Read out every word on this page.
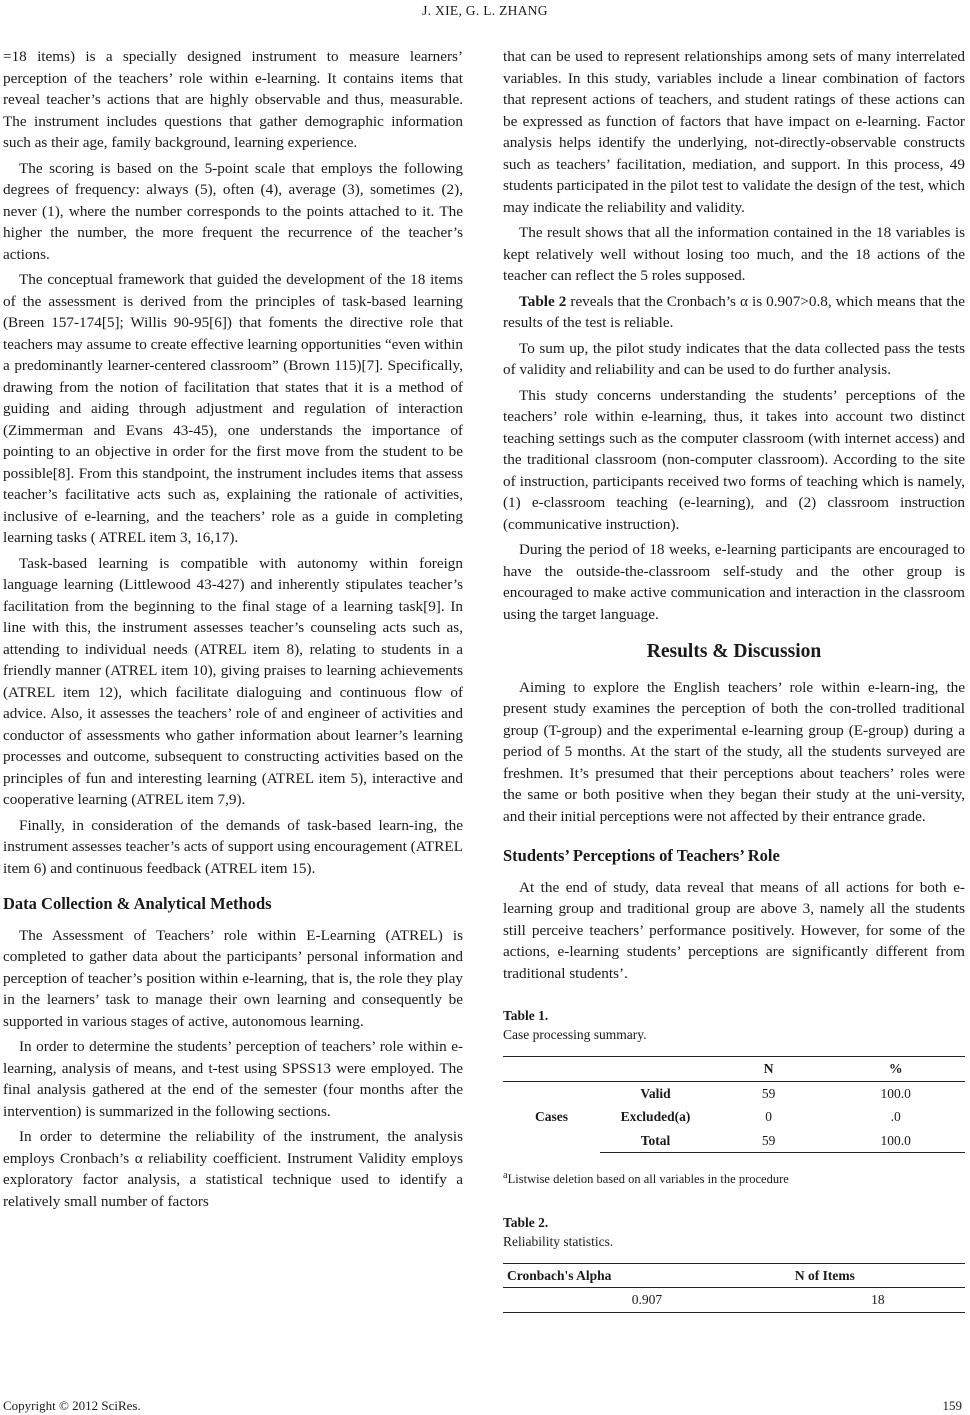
J. XIE, G. L. ZHANG

=18 items) is a specially designed instrument to measure learners’ perception of the teachers’ role within e-learning. It contains items that reveal teacher’s actions that are highly observable and thus, measurable. The instrument includes questions that gather demographic information such as their age, family background, learning experience.

The scoring is based on the 5-point scale that employs the following degrees of frequency: always (5), often (4), average (3), sometimes (2), never (1), where the number corresponds to the points attached to it. The higher the number, the more frequent the recurrence of the teacher’s actions.

The conceptual framework that guided the development of the 18 items of the assessment is derived from the principles of task-based learning (Breen 157-174[5]; Willis 90-95[6]) that foments the directive role that teachers may assume to create effective learning opportunities “even within a predominantly learner-centered classroom” (Brown 115)[7]. Specifically, drawing from the notion of facilitation that states that it is a method of guiding and aiding through adjustment and regulation of interaction (Zimmerman and Evans 43-45), one understands the importance of pointing to an objective in order for the first move from the student to be possible[8]. From this standpoint, the instrument includes items that assess teacher’s facilitative acts such as, explaining the rationale of activities, inclusive of e-learning, and the teachers’ role as a guide in completing learning tasks ( ATREL item 3, 16,17).

Task-based learning is compatible with autonomy within foreign language learning (Littlewood 43-427) and inherently stipulates teacher’s facilitation from the beginning to the final stage of a learning task[9]. In line with this, the instrument assesses teacher’s counseling acts such as, attending to individual needs (ATREL item 8), relating to students in a friendly manner (ATREL item 10), giving praises to learning achievements (ATREL item 12), which facilitate dialoguing and continuous flow of advice. Also, it assesses the teachers’ role of and engineer of activities and conductor of assessments who gather information about learner’s learning processes and outcome, subsequent to constructing activities based on the principles of fun and interesting learning (ATREL item 5), interactive and cooperative learning (ATREL item 7,9).

Finally, in consideration of the demands of task-based learn-ing, the instrument assesses teacher’s acts of support using encouragement (ATREL item 6) and continuous feedback (ATREL item 15).

Data Collection & Analytical Methods

The Assessment of Teachers’ role within E-Learning (ATREL) is completed to gather data about the participants’ personal information and perception of teacher’s position within e-learning, that is, the role they play in the learners’ task to manage their own learning and consequently be supported in various stages of active, autonomous learning.

In order to determine the students’ perception of teachers’ role within e-learning, analysis of means, and t-test using SPSS13 were employed. The final analysis gathered at the end of the semester (four months after the intervention) is summarized in the following sections.

In order to determine the reliability of the instrument, the analysis employs Cronbach’s α reliability coefficient. Instrument Validity employs exploratory factor analysis, a statistical technique used to identify a relatively small number of factors

that can be used to represent relationships among sets of many interrelated variables. In this study, variables include a linear combination of factors that represent actions of teachers, and student ratings of these actions can be expressed as function of factors that have impact on e-learning. Factor analysis helps identify the underlying, not-directly-observable constructs such as teachers’ facilitation, mediation, and support. In this process, 49 students participated in the pilot test to validate the design of the test, which may indicate the reliability and validity.

The result shows that all the information contained in the 18 variables is kept relatively well without losing too much, and the 18 actions of the teacher can reflect the 5 roles supposed.

Table 2 reveals that the Cronbach’s α is 0.907>0.8, which means that the results of the test is reliable.

To sum up, the pilot study indicates that the data collected pass the tests of validity and reliability and can be used to do further analysis.

This study concerns understanding the students’ perceptions of the teachers’ role within e-learning, thus, it takes into account two distinct teaching settings such as the computer classroom (with internet access) and the traditional classroom (non-computer classroom). According to the site of instruction, participants received two forms of teaching which is namely, (1) e-classroom teaching (e-learning), and (2) classroom instruction (communicative instruction).

During the period of 18 weeks, e-learning participants are encouraged to have the outside-the-classroom self-study and the other group is encouraged to make active communication and interaction in the classroom using the target language.

Results & Discussion

Aiming to explore the English teachers’ role within e-learn-ing, the present study examines the perception of both the con-trolled traditional group (T-group) and the experimental e-learning group (E-group) during a period of 5 months. At the start of the study, all the students surveyed are freshmen. It’s presumed that their perceptions about teachers’ roles were the same or both positive when they began their study at the uni-versity, and their initial perceptions were not affected by their entrance grade.

Students’ Perceptions of Teachers’ Role

At the end of study, data reveal that means of all actions for both e-learning group and traditional group are above 3, namely all the students still perceive teachers’ performance positively. However, for some of the actions, e-learning students’ perceptions are significantly different from traditional students’.

Table 1.
Case processing summary.
		N	%
Cases	Valid	59	100.0
	Excluded(a)	0	.0
	Total	59	100.0
$^a$Listwise deletion based on all variables in the procedure
Table 2.
Reliability statistics.
Cronbach's Alpha	N of Items
0.907	18
Copyright © 2012 SciRes.	159
